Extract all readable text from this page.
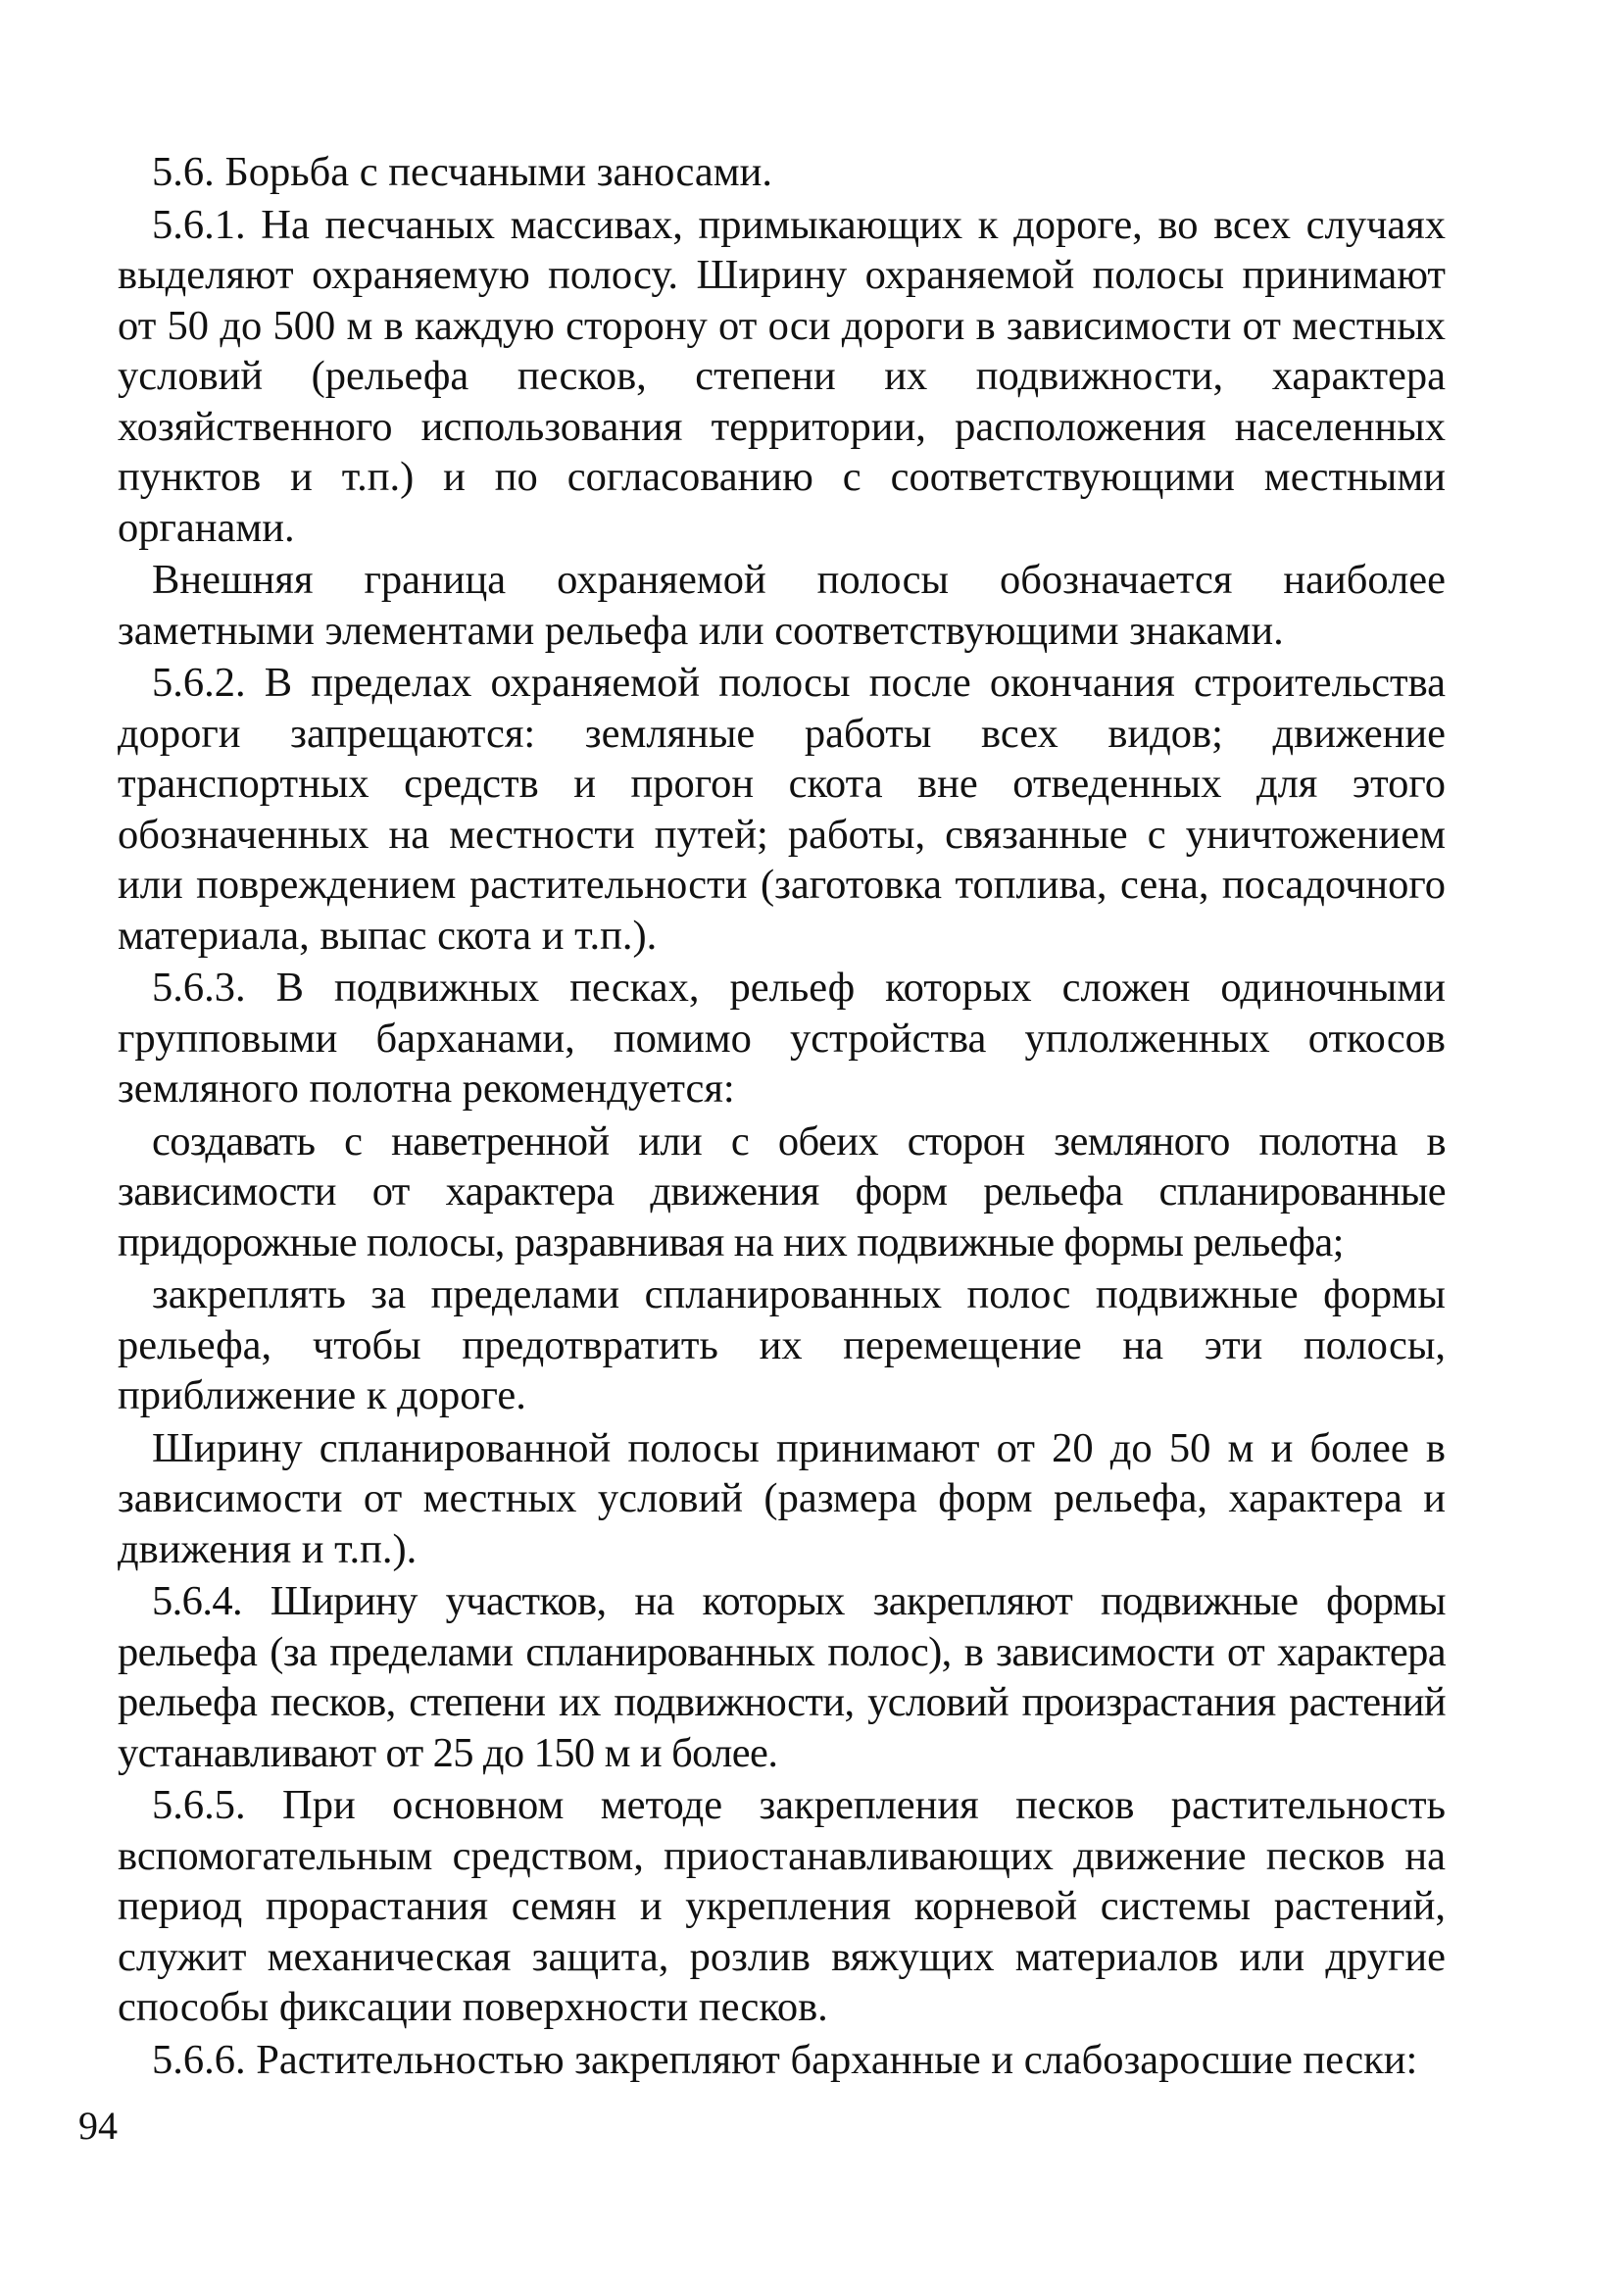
5.6. Борьба с песчаными заносами.

5.6.1. На песчаных массивах, примыкающих к дороге, во всех случаях выделяют охраняемую полосу. Ширину охраняемой полосы принимают от 50 до 500 м в каждую сторону от оси дороги в зависимости от местных условий (рельефа песков, степени их подвижности, характера хозяйственного использования территории, расположения населенных пунктов и т.п.) и по согласованию с соответствующими местными органами.

Внешняя граница охраняемой полосы обозначается наиболее заметными элементами рельефа или соответствующими знаками.

5.6.2. В пределах охраняемой полосы после окончания строительства дороги запрещаются: земляные работы всех видов; движение транспортных средств и прогон скота вне отведенных для этого обозначенных на местности путей; работы, связанные с уничтожением или повреждением растительности (заготовка топлива, сена, посадочного материала, выпас скота и т.п.).

5.6.3. В подвижных песках, рельеф которых сложен одиночными групповыми барханами, помимо устройства уплолженных откосов земляного полотна рекомендуется:

создавать с наветренной или с обеих сторон земляного полотна в зависимости от характера движения форм рельефа спланированные придорожные полосы, разравнивая на них подвижные формы рельефа;

закреплять за пределами спланированных полос подвижные формы рельефа, чтобы предотвратить их перемещение на эти полосы, приближение к дороге.

Ширину спланированной полосы принимают от 20 до 50 м и более в зависимости от местных условий (размера форм рельефа, характера и движения и т.п.).

5.6.4. Ширину участков, на которых закрепляют подвижные формы рельефа (за пределами спланированных полос), в зависимости от характера рельефа песков, степени их подвижности, условий произрастания растений устанавливают от 25 до 150 м и более.

5.6.5. При основном методе закрепления песков растительность вспомогательным средством, приостанавливающих движение песков на период прорастания семян и укрепления корневой системы растений, служит механическая защита, розлив вяжущих материалов или другие способы фиксации поверхности песков.

5.6.6. Растительностью закрепляют барханные и слабозаросшие пески:

94
